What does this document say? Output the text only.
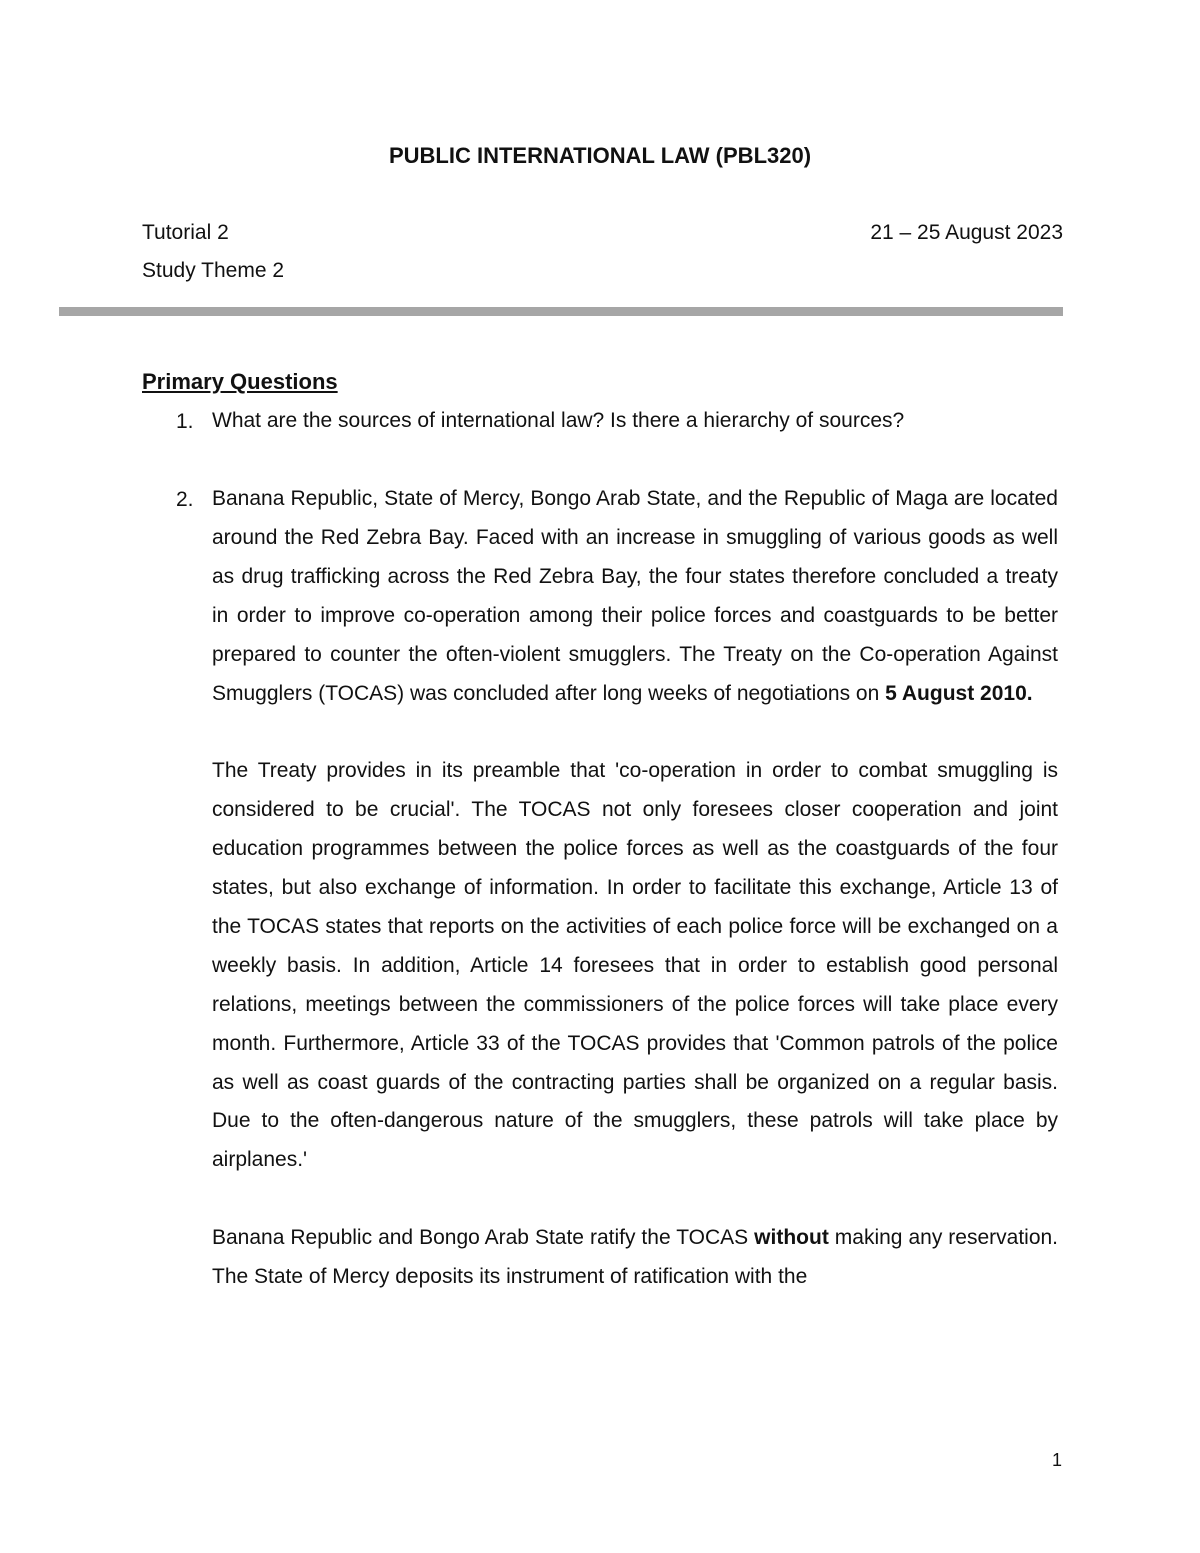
PUBLIC INTERNATIONAL LAW (PBL320)

Tutorial 2	21 – 25 August 2023

Study Theme 2

Primary Questions
1. What are the sources of international law? Is there a hierarchy of sources?

2. Banana Republic, State of Mercy, Bongo Arab State, and the Republic of Maga are located around the Red Zebra Bay. Faced with an increase in smuggling of various goods as well as drug trafficking across the Red Zebra Bay, the four states therefore concluded a treaty in order to improve co-operation among their police forces and coastguards to be better prepared to counter the often-violent smugglers. The Treaty on the Co-operation Against Smugglers (TOCAS) was concluded after long weeks of negotiations on 5 August 2010.

The Treaty provides in its preamble that 'co-operation in order to combat smuggling is considered to be crucial'. The TOCAS not only foresees closer cooperation and joint education programmes between the police forces as well as the coastguards of the four states, but also exchange of information. In order to facilitate this exchange, Article 13 of the TOCAS states that reports on the activities of each police force will be exchanged on a weekly basis. In addition, Article 14 foresees that in order to establish good personal relations, meetings between the commissioners of the police forces will take place every month. Furthermore, Article 33 of the TOCAS provides that 'Common patrols of the police as well as coast guards of the contracting parties shall be organized on a regular basis. Due to the often-dangerous nature of the smugglers, these patrols will take place by airplanes.'

Banana Republic and Bongo Arab State ratify the TOCAS without making any reservation. The State of Mercy deposits its instrument of ratification with the

1
